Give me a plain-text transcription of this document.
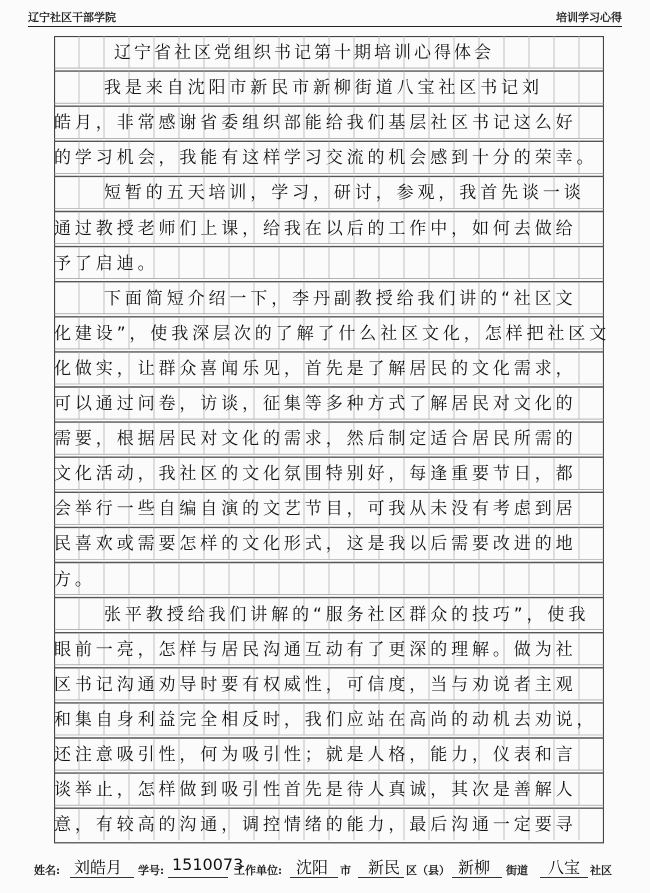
辽宁社区干部学院	培训学习心得
辽宁省社区党组织书记第十期培训心得体会
我是来自沈阳市新民市新柳街道八宝社区书记刘
皓月，非常感谢省委组织部能给我们基层社区书记这么好
的学习机会，我能有这样学习交流的机会感到十分的荣幸。
短暂的五天培训，学习，研讨，参观，我首先谈一谈
通过教授老师们上课，给我在以后的工作中，如何去做给
予了启迪。
下面简短介绍一下，李丹副教授给我们讲的“社区文
化建设”，使我深层次的了解了什么社区文化，怎样把社区文
化做实，让群众喜闻乐见，首先是了解居民的文化需求，
可以通过问卷，访谈，征集等多种方式了解居民对文化的
需要，根据居民对文化的需求，然后制定适合居民所需的
文化活动，我社区的文化氛围特别好，每逢重要节日，都
会举行一些自编自演的文艺节目，可我从未没有考虑到居
民喜欢或需要怎样的文化形式，这是我以后需要改进的地
方。
张平教授给我们讲解的“服务社区群众的技巧”，使我
眼前一亮，怎样与居民沟通互动有了更深的理解。做为社
区书记沟通劝导时要有权威性，可信度，当与劝说者主观
和集自身利益完全相反时，我们应站在高尚的动机去劝说，
还注意吸引性，何为吸引性；就是人格，能力，仪表和言
谈举止，怎样做到吸引性首先是待人真诚，其次是善解人
意，有较高的沟通，调控情绪的能力，最后沟通一定要寻
姓名: 刘皓月 学号: 1510073
工作单位: 沈阳 市 新民 区（县） 新柳 街道 八宝 社区
